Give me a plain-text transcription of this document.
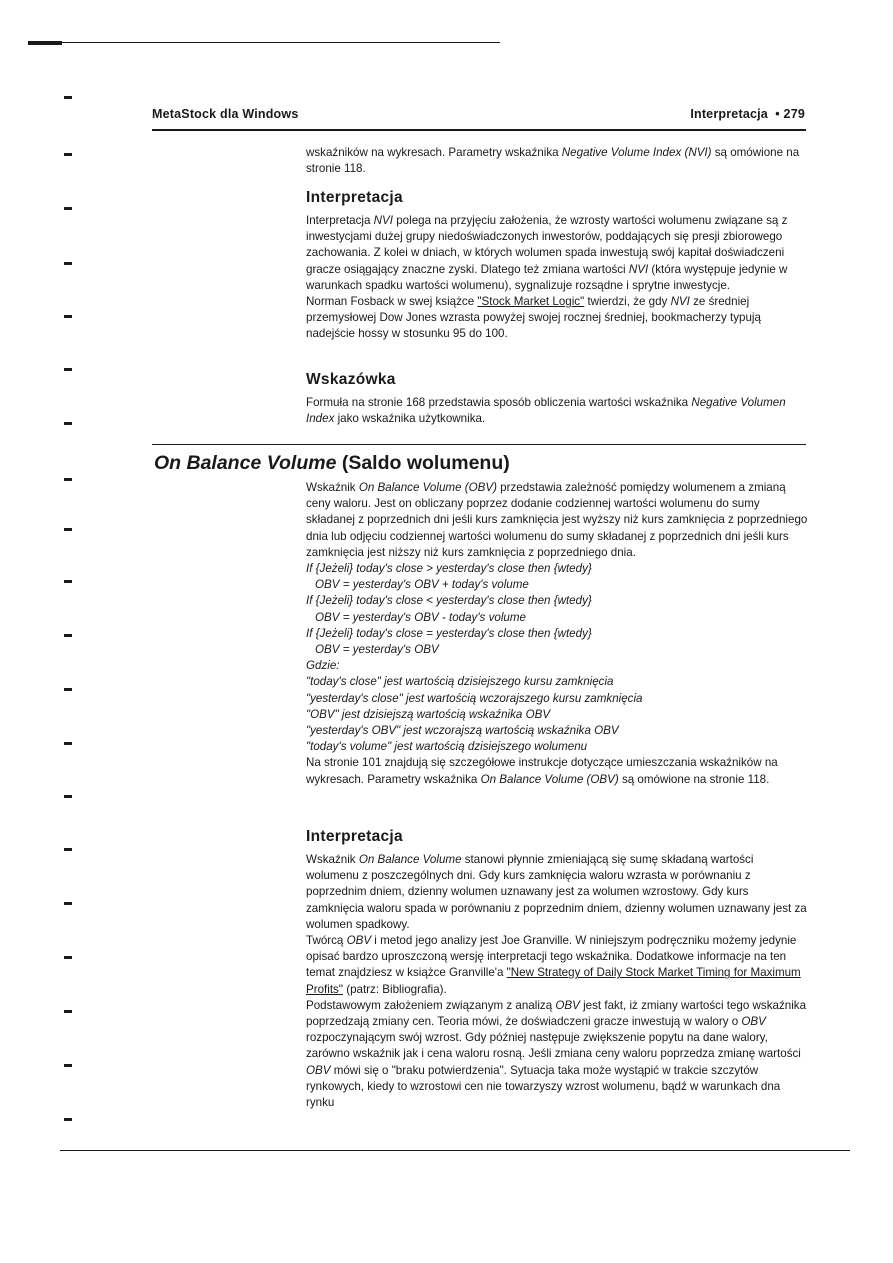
MetaStock dla Windows	Interpretacja  • 279

wskaźników na wykresach. Parametry wskaźnika Negative Volume Index (NVI) są omówione na stronie 118.

Interpretacja

Interpretacja NVI polega na przyjęciu założenia, że wzrosty wartości wolumenu związane są z inwestycjami dużej grupy niedoświadczonych inwestorów, poddających się presji zbiorowego zachowania. Z kolei w dniach, w których wolumen spada inwestują swój kapitał doświadczeni gracze osiągający znaczne zyski. Dlatego też zmiana wartości NVI (która występuje jedynie w warunkach spadku wartości wolumenu), sygnalizuje rozsądne i sprytne inwestycje.

Norman Fosback w swej książce "Stock Market Logic" twierdzi, że gdy NVI ze średniej przemysłowej Dow Jones wzrasta powyżej swojej rocznej średniej, bookmacherzy typują nadejście hossy w stosunku 95 do 100.

Wskazówka

Formuła na stronie 168 przedstawia sposób obliczenia wartości wskaźnika Negative Volumen Index jako wskaźnika użytkownika.

On Balance Volume (Saldo wolumenu)

Wskaźnik On Balance Volume (OBV) przedstawia zależność pomiędzy wolumenem a zmianą ceny waloru. Jest on obliczany poprzez dodanie codziennej wartości wolumenu do sumy składanej z poprzednich dni jeśli kurs zamknięcia jest wyższy niż kurs zamknięcia z poprzedniego dnia lub odjęciu codziennej wartości wolumenu do sumy składanej z poprzednich dni jeśli kurs zamknięcia jest niższy niż kurs zamknięcia z poprzedniego dnia.

If {Jeżeli} today's close > yesterday's close then {wtedy}

OBV = yesterday's OBV + today's volume

If {Jeżeli} today's close < yesterday's close then {wtedy}

OBV = yesterday's OBV - today's volume

If {Jeżeli} today's close = yesterday's close then {wtedy}

OBV = yesterday's OBV

Gdzie:

"today's close" jest wartością dzisiejszego kursu zamknięcia

"yesterday's close" jest wartością wczorajszego kursu zamknięcia

"OBV" jest dzisiejszą wartością wskaźnika OBV

"yesterday's OBV" jest wczorajszą wartością wskaźnika OBV

"today's volume" jest wartością dzisiejszego wolumenu

Na stronie 101 znajdują się szczegółowe instrukcje dotyczące umieszczania wskaźników na wykresach. Parametry wskaźnika On Balance Volume (OBV) są omówione na stronie 118.

Interpretacja

Wskaźnik On Balance Volume stanowi płynnie zmieniającą się sumę składaną wartości wolumenu z poszczególnych dni. Gdy kurs zamknięcia waloru wzrasta w porównaniu z poprzednim dniem, dzienny wolumen uznawany jest za wolumen wzrostowy. Gdy kurs zamknięcia waloru spada w porównaniu z poprzednim dniem, dzienny wolumen uznawany jest za wolumen spadkowy.

Twórcą OBV i metod jego analizy jest Joe Granville. W niniejszym podręczniku możemy jedynie opisać bardzo uproszczoną wersję interpretacji tego wskaźnika. Dodatkowe informacje na ten temat znajdziesz w książce Granville'a "New Strategy of Daily Stock Market Timing for Maximum Profits" (patrz: Bibliografia).

Podstawowym założeniem związanym z analizą OBV jest fakt, iż zmiany wartości tego wskaźnika poprzedzają zmiany cen. Teoria mówi, że doświadczeni gracze inwestują w walory o OBV rozpoczynającym swój wzrost. Gdy później następuje zwiększenie popytu na dane walory, zarówno wskaźnik jak i cena waloru rosną. Jeśli zmiana ceny waloru poprzedza zmianę wartości OBV mówi się o "braku potwierdzenia". Sytuacja taka może wystąpić w trakcie szczytów rynkowych, kiedy to wzrostowi cen nie towarzyszy wzrost wolumenu, bądź w warunkach dna rynku
